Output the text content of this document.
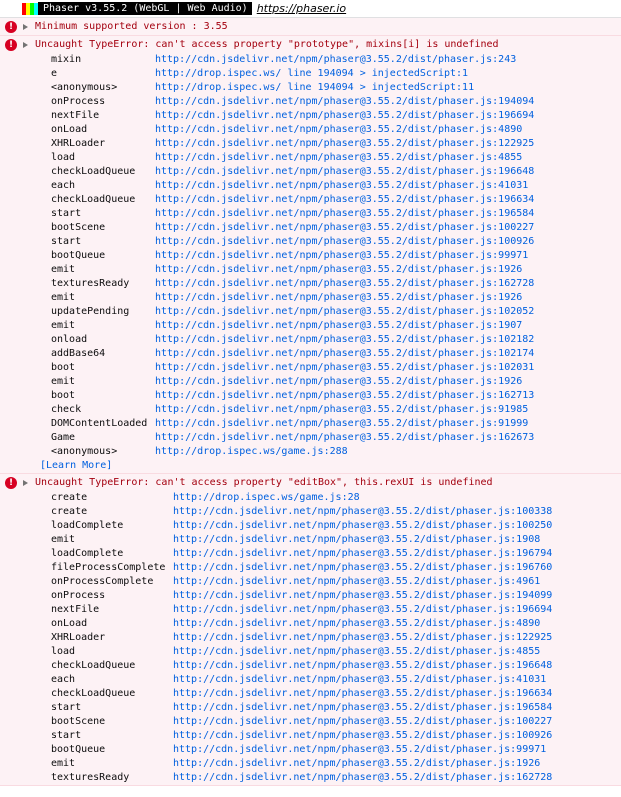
Phaser v3.55.2 (WebGL | Web Audio) https://phaser.io
!	Minimum supported version : 3.55
!	Uncaught TypeError: can't access property "prototype", mixins[i] is undefined
mixin	http://cdn.jsdelivr.net/npm/phaser@3.55.2/dist/phaser.js:243
e	http://drop.ispec.ws/ line 194094 > injectedScript:1
<anonymous>	http://drop.ispec.ws/ line 194094 > injectedScript:11
onProcess	http://cdn.jsdelivr.net/npm/phaser@3.55.2/dist/phaser.js:194094
nextFile	http://cdn.jsdelivr.net/npm/phaser@3.55.2/dist/phaser.js:196694
onLoad	http://cdn.jsdelivr.net/npm/phaser@3.55.2/dist/phaser.js:4890
XHRLoader	http://cdn.jsdelivr.net/npm/phaser@3.55.2/dist/phaser.js:122925
load	http://cdn.jsdelivr.net/npm/phaser@3.55.2/dist/phaser.js:4855
checkLoadQueue	http://cdn.jsdelivr.net/npm/phaser@3.55.2/dist/phaser.js:196648
each	http://cdn.jsdelivr.net/npm/phaser@3.55.2/dist/phaser.js:41031
checkLoadQueue	http://cdn.jsdelivr.net/npm/phaser@3.55.2/dist/phaser.js:196634
start	http://cdn.jsdelivr.net/npm/phaser@3.55.2/dist/phaser.js:196584
bootScene	http://cdn.jsdelivr.net/npm/phaser@3.55.2/dist/phaser.js:100227
start	http://cdn.jsdelivr.net/npm/phaser@3.55.2/dist/phaser.js:100926
bootQueue	http://cdn.jsdelivr.net/npm/phaser@3.55.2/dist/phaser.js:99971
emit	http://cdn.jsdelivr.net/npm/phaser@3.55.2/dist/phaser.js:1926
texturesReady	http://cdn.jsdelivr.net/npm/phaser@3.55.2/dist/phaser.js:162728
emit	http://cdn.jsdelivr.net/npm/phaser@3.55.2/dist/phaser.js:1926
updatePending	http://cdn.jsdelivr.net/npm/phaser@3.55.2/dist/phaser.js:102052
emit	http://cdn.jsdelivr.net/npm/phaser@3.55.2/dist/phaser.js:1907
onload	http://cdn.jsdelivr.net/npm/phaser@3.55.2/dist/phaser.js:102182
addBase64	http://cdn.jsdelivr.net/npm/phaser@3.55.2/dist/phaser.js:102174
boot	http://cdn.jsdelivr.net/npm/phaser@3.55.2/dist/phaser.js:102031
emit	http://cdn.jsdelivr.net/npm/phaser@3.55.2/dist/phaser.js:1926
boot	http://cdn.jsdelivr.net/npm/phaser@3.55.2/dist/phaser.js:162713
check	http://cdn.jsdelivr.net/npm/phaser@3.55.2/dist/phaser.js:91985
DOMContentLoaded http://cdn.jsdelivr.net/npm/phaser@3.55.2/dist/phaser.js:91999
Game	http://cdn.jsdelivr.net/npm/phaser@3.55.2/dist/phaser.js:162673
<anonymous>	http://drop.ispec.ws/game.js:288
[Learn More]
!	Uncaught TypeError: can't access property "editBox", this.rexUI is undefined
create	http://drop.ispec.ws/game.js:28
create	http://cdn.jsdelivr.net/npm/phaser@3.55.2/dist/phaser.js:100338
loadComplete	http://cdn.jsdelivr.net/npm/phaser@3.55.2/dist/phaser.js:100250
emit	http://cdn.jsdelivr.net/npm/phaser@3.55.2/dist/phaser.js:1908
loadComplete	http://cdn.jsdelivr.net/npm/phaser@3.55.2/dist/phaser.js:196794
fileProcessComplete http://cdn.jsdelivr.net/npm/phaser@3.55.2/dist/phaser.js:196760
onProcessComplete	http://cdn.jsdelivr.net/npm/phaser@3.55.2/dist/phaser.js:4961
onProcess	http://cdn.jsdelivr.net/npm/phaser@3.55.2/dist/phaser.js:194099
nextFile	http://cdn.jsdelivr.net/npm/phaser@3.55.2/dist/phaser.js:196694
onLoad	http://cdn.jsdelivr.net/npm/phaser@3.55.2/dist/phaser.js:4890
XHRLoader	http://cdn.jsdelivr.net/npm/phaser@3.55.2/dist/phaser.js:122925
load	http://cdn.jsdelivr.net/npm/phaser@3.55.2/dist/phaser.js:4855
checkLoadQueue	http://cdn.jsdelivr.net/npm/phaser@3.55.2/dist/phaser.js:196648
each	http://cdn.jsdelivr.net/npm/phaser@3.55.2/dist/phaser.js:41031
checkLoadQueue	http://cdn.jsdelivr.net/npm/phaser@3.55.2/dist/phaser.js:196634
start	http://cdn.jsdelivr.net/npm/phaser@3.55.2/dist/phaser.js:196584
bootScene	http://cdn.jsdelivr.net/npm/phaser@3.55.2/dist/phaser.js:100227
start	http://cdn.jsdelivr.net/npm/phaser@3.55.2/dist/phaser.js:100926
bootQueue	http://cdn.jsdelivr.net/npm/phaser@3.55.2/dist/phaser.js:99971
emit	http://cdn.jsdelivr.net/npm/phaser@3.55.2/dist/phaser.js:1926
texturesReady	http://cdn.jsdelivr.net/npm/phaser@3.55.2/dist/phaser.js:162728
